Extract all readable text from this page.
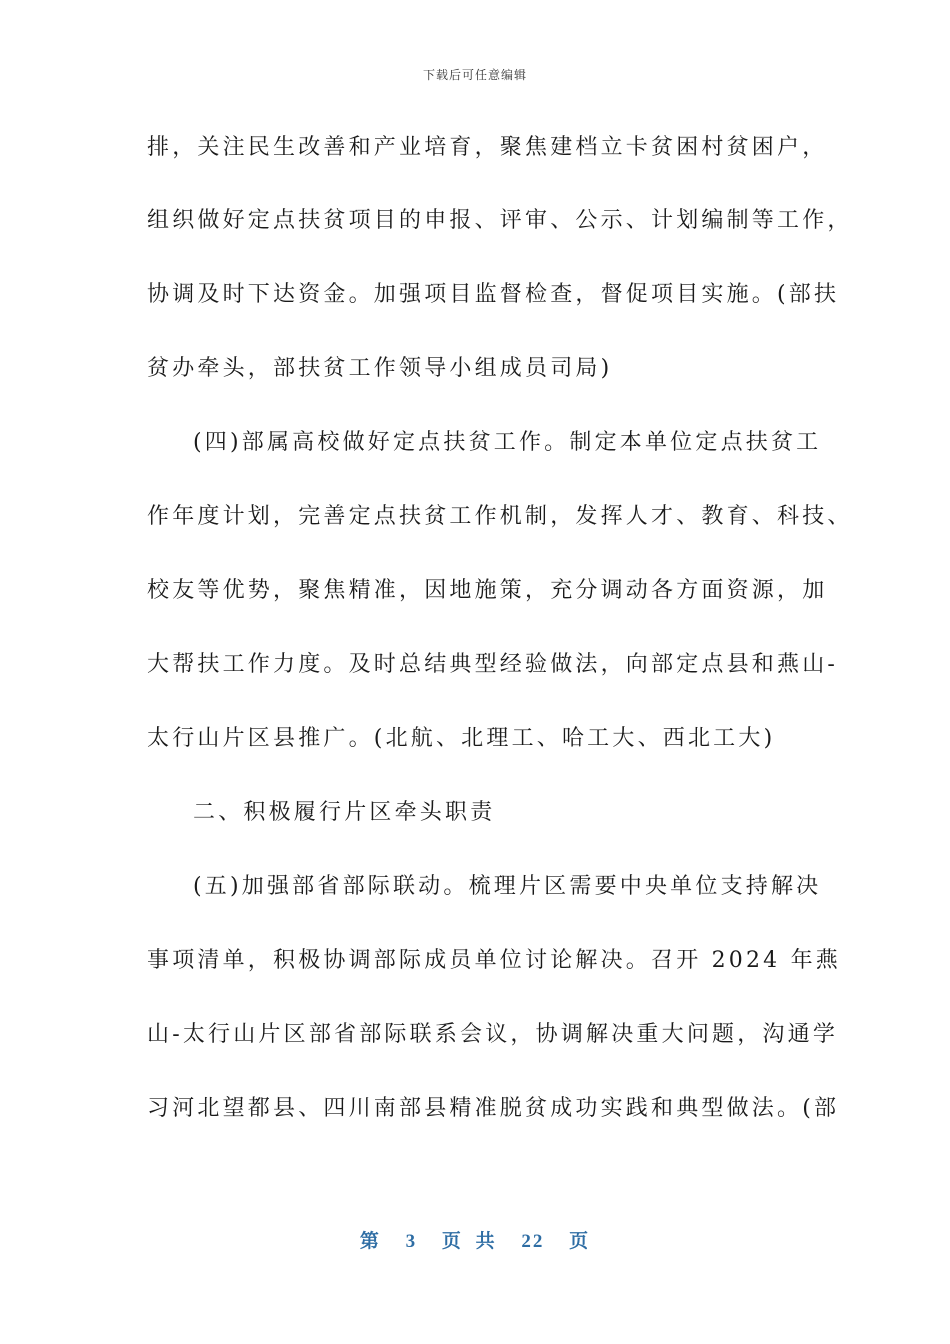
下载后可任意编辑
排，关注民生改善和产业培育，聚焦建档立卡贫困村贫困户，
组织做好定点扶贫项目的申报、评审、公示、计划编制等工作，
协调及时下达资金。加强项目监督检查，督促项目实施。(部扶
贫办牵头，部扶贫工作领导小组成员司局)
(四)部属高校做好定点扶贫工作。制定本单位定点扶贫工
作年度计划，完善定点扶贫工作机制，发挥人才、教育、科技、
校友等优势，聚焦精准，因地施策，充分调动各方面资源，加
大帮扶工作力度。及时总结典型经验做法，向部定点县和燕山-
太行山片区县推广。(北航、北理工、哈工大、西北工大)
二、积极履行片区牵头职责
(五)加强部省部际联动。梳理片区需要中央单位支持解决
事项清单，积极协调部际成员单位讨论解决。召开 2024 年燕
山-太行山片区部省部际联系会议，协调解决重大问题，沟通学
习河北望都县、四川南部县精准脱贫成功实践和典型做法。(部
第 3 页 共 22 页
